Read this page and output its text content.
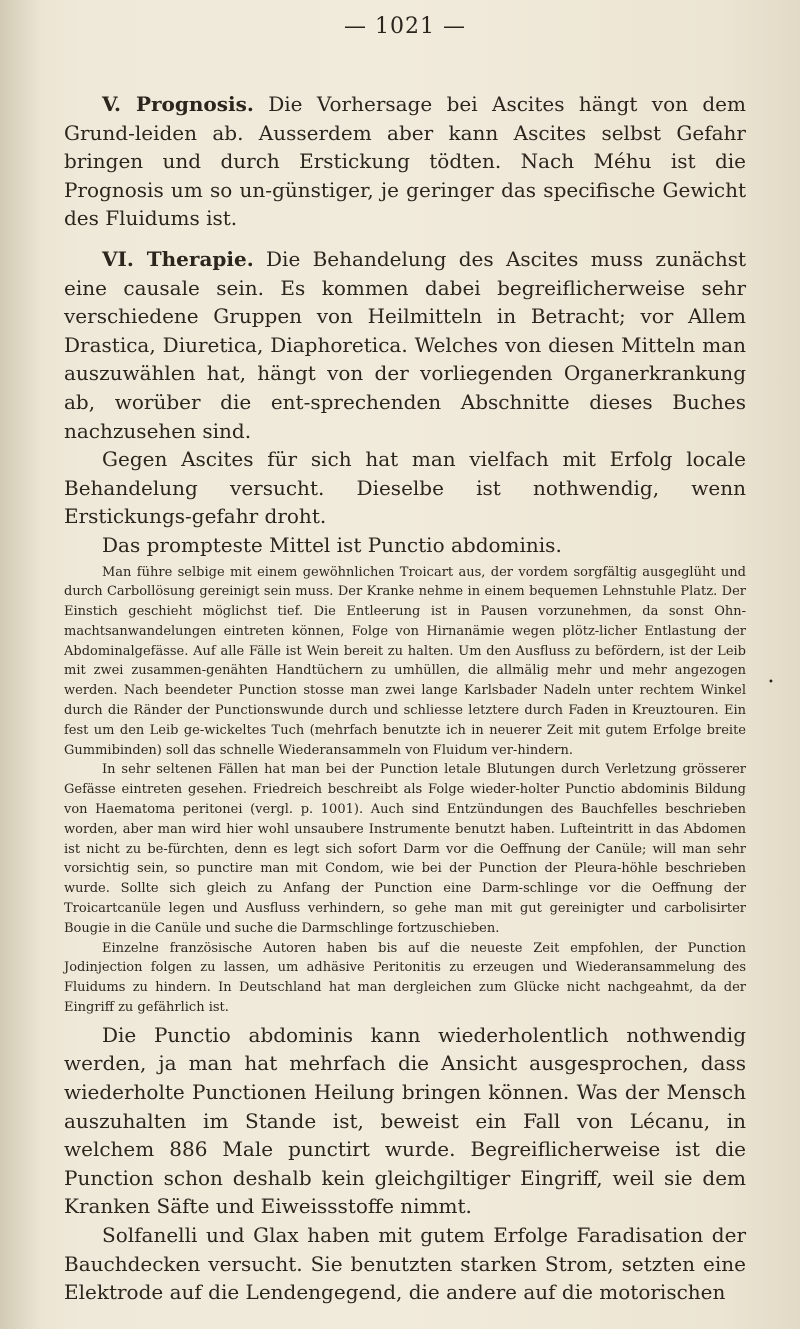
— 1021 —

V. Prognosis. Die Vorhersage bei Ascites hängt von dem Grund-leiden ab. Ausserdem aber kann Ascites selbst Gefahr bringen und durch Erstickung tödten. Nach Méhu ist die Prognosis um so un-günstiger, je geringer das specifische Gewicht des Fluidums ist.

VI. Therapie. Die Behandelung des Ascites muss zunächst eine causale sein. Es kommen dabei begreiflicherweise sehr verschiedene Gruppen von Heilmitteln in Betracht; vor Allem Drastica, Diuretica, Diaphoretica. Welches von diesen Mitteln man auszuwählen hat, hängt von der vorliegenden Organerkrankung ab, worüber die ent-sprechenden Abschnitte dieses Buches nachzusehen sind.

Gegen Ascites für sich hat man vielfach mit Erfolg locale Behandelung versucht. Dieselbe ist nothwendig, wenn Erstickungs-gefahr droht.

Das prompteste Mittel ist Punctio abdominis.

Man führe selbige mit einem gewöhnlichen Troicart aus, der vordem sorgfältig ausgeglüht und durch Carbollösung gereinigt sein muss. Der Kranke nehme in einem bequemen Lehnstuhle Platz. Der Einstich geschieht möglichst tief. Die Entleerung ist in Pausen vorzunehmen, da sonst Ohn-machtsanwandelungen eintreten können, Folge von Hirnanämie wegen plötz-licher Entlastung der Abdominalgefässe. Auf alle Fälle ist Wein bereit zu halten. Um den Ausfluss zu befördern, ist der Leib mit zwei zusammen-genähten Handtüchern zu umhüllen, die allmälig mehr und mehr angezogen werden. Nach beendeter Punction stosse man zwei lange Karlsbader Nadeln unter rechtem Winkel durch die Ränder der Punctionswunde durch und schliesse letztere durch Faden in Kreuztouren. Ein fest um den Leib ge-wickeltes Tuch (mehrfach benutzte ich in neuerer Zeit mit gutem Erfolge breite Gummibinden) soll das schnelle Wiederansammeln von Fluidum ver-hindern.

In sehr seltenen Fällen hat man bei der Punction letale Blutungen durch Verletzung grösserer Gefässe eintreten gesehen. Friedreich beschreibt als Folge wieder-holter Punctio abdominis Bildung von Haematoma peritonei (vergl. p. 1001). Auch sind Entzündungen des Bauchfelles beschrieben worden, aber man wird hier wohl unsaubere Instrumente benutzt haben. Lufteintritt in das Abdomen ist nicht zu be-fürchten, denn es legt sich sofort Darm vor die Oeffnung der Canüle; will man sehr vorsichtig sein, so punctire man mit Condom, wie bei der Punction der Pleura-höhle beschrieben wurde. Sollte sich gleich zu Anfang der Punction eine Darm-schlinge vor die Oeffnung der Troicartcanüle legen und Ausfluss verhindern, so gehe man mit gut gereinigter und carbolisirter Bougie in die Canüle und suche die Darmschlinge fortzuschieben.

Einzelne französische Autoren haben bis auf die neueste Zeit empfohlen, der Punction Jodinjection folgen zu lassen, um adhäsive Peritonitis zu erzeugen und Wiederansammelung des Fluidums zu hindern. In Deutschland hat man dergleichen zum Glücke nicht nachgeahmt, da der Eingriff zu gefährlich ist.

Die Punctio abdominis kann wiederholentlich nothwendig werden, ja man hat mehrfach die Ansicht ausgesprochen, dass wiederholte Punctionen Heilung bringen können. Was der Mensch auszuhalten im Stande ist, beweist ein Fall von Lécanu, in welchem 886 Male punctirt wurde. Begreiflicherweise ist die Punction schon deshalb kein gleichgiltiger Eingriff, weil sie dem Kranken Säfte und Eiweissstoffe nimmt.

Solfanelli und Glax haben mit gutem Erfolge Faradisation der Bauchdecken versucht. Sie benutzten starken Strom, setzten eine Elektrode auf die Lendengegend, die andere auf die motorischen

•
